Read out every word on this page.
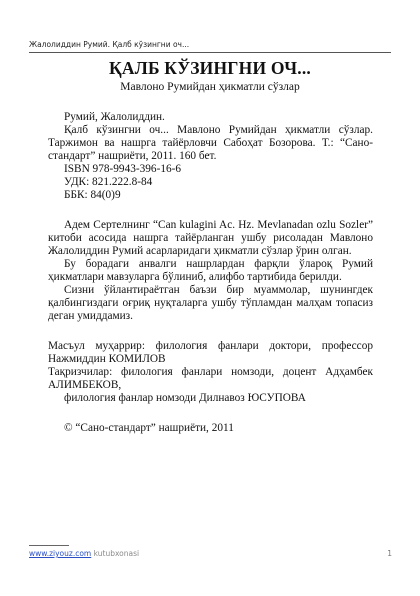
Жалолиддин Румий. Қалб кўзингни оч...
ҚАЛБ КЎЗИНГНИ ОЧ...
Мавлоно Румийдан ҳикматли сўзлар

Румий, Жалолиддин.

Қалб кўзингни оч... Мавлоно Румийдан ҳикматли сўзлар. Таржимон ва нашрга тайёрловчи Сабоҳат Бозорова. Т.: “Сано-стандарт” нашриёти, 2011. 160 бет.

ISBN 978-9943-396-16-6

УДК: 821.222.8-84

ББК: 84(0)9

Адем Сертелнинг “Can kulagini Ac. Hz. Mevlanadan ozlu Sozler” китоби асосида нашрга тайёрланган ушбу рисоладан Мавлоно Жалолиддин Румий асарларидаги ҳикматли сўзлар ўрин олган.

Бу борадаги анвалги нашрлардан фарқли ўлароқ Румий ҳикматлари мавзуларга бўлиниб, алифбо тартибида берилди.

Сизни ўйлантираётган баъзи бир муаммолар, шунингдек қалбингиздаги оғриқ нуқталарга ушбу тўпламдан малҳам топасиз деган умиддамиз.

Масъул муҳаррир: филология фанлари доктори, профессор Нажмиддин КОМИЛОВ

Тақризчилар: филология фанлари номзоди, доцент Адҳамбек АЛИМБЕКОВ,

филология фанлар номзоди Дилнавоз ЮСУПОВА

© “Сано-стандарт” нашриёти, 2011

www.ziyouz.com kutubxonasi	1
